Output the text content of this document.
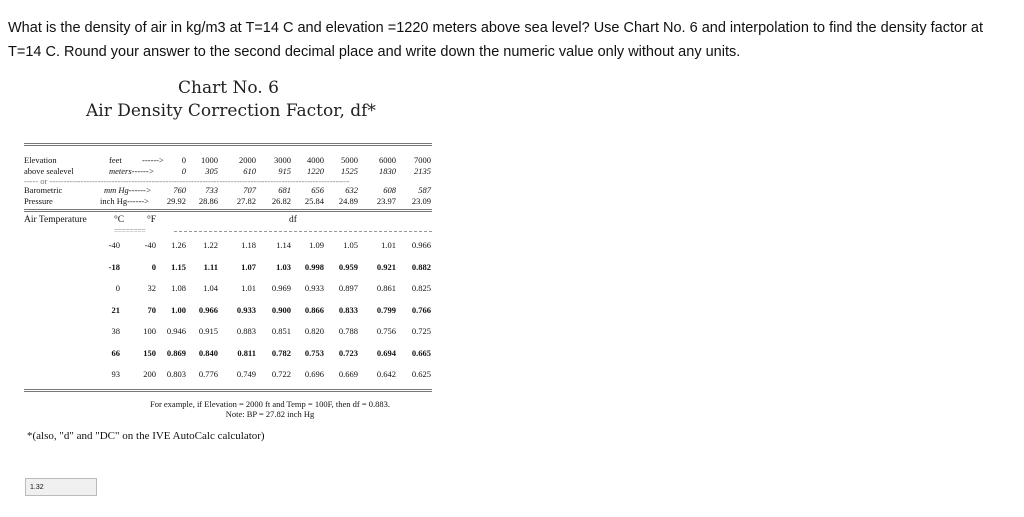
What is the density of air in kg/m3 at T=14 C and elevation =1220 meters above sea level? Use Chart No. 6 and interpolation to find the density factor at T=14 C. Round your answer to the second decimal place and write down the numeric value only without any units.
Chart No. 6
Air Density Correction Factor, df*
Elevation	feet ------>	0	1000	2000	3000	4000	5000	6000	7000
above sealevel	meters------>	0	305	610	915	1220	1525	1830	2135
----- or ----------------------------------------------------------------------------------------------------------
Barometric	mm Hg------>	760	733	707	681	656	632	608	587
Pressure	inch Hg------>	29.92	28.86	27.82	26.82	25.84	24.89	23.97	23.09
Air Temperature	°C °F	df
========
-40	-40	1.26	1.22	1.18	1.14	1.09	1.05	1.01	0.966
-18	0	1.15	1.11	1.07	1.03	0.998	0.959	0.921	0.882
0	32	1.08	1.04	1.01	0.969	0.933	0.897	0.861	0.825
21	70	1.00	0.966	0.933	0.900	0.866	0.833	0.799	0.766
38	100	0.946	0.915	0.883	0.851	0.820	0.788	0.756	0.725
66	150	0.869	0.840	0.811	0.782	0.753	0.723	0.694	0.665
93	200	0.803	0.776	0.749	0.722	0.696	0.669	0.642	0.625
For example, if Elevation = 2000 ft and Temp = 100F, then df = 0.883.
Note: BP = 27.82 inch Hg
*(also, "d" and "DC" on the IVE AutoCalc calculator)
1.32
